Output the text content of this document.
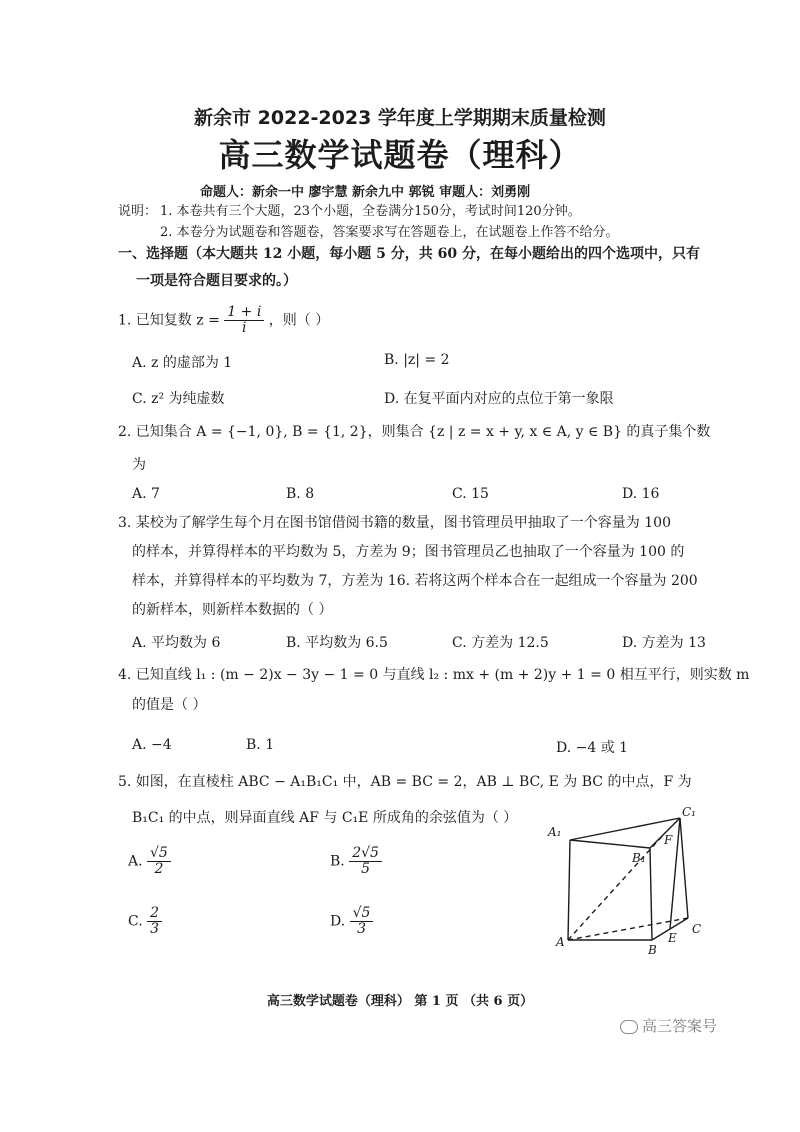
新余市 2022-2023 学年度上学期期末质量检测
高三数学试题卷（理科）
命题人：新余一中 廖宇慧 新余九中 郭锐 审题人：刘勇刚
说明： 1. 本卷共有三个大题，23个小题，全卷满分150分，考试时间120分钟。
2. 本卷分为试题卷和答题卷，答案要求写在答题卷上，在试题卷上作答不给分。
一、选择题（本大题共 12 小题，每小题 5 分，共 60 分，在每小题给出的四个选项中，只有
一项是符合题目要求的。）
1. 已知复数 $z = \frac{1 + i}{i}$ ，则（ ）
A. z 的虚部为 1	B. |z| = 2
C. z² 为纯虚数	D. 在复平面内对应的点位于第一象限
2. 已知集合 A = {−1, 0}, B = {1, 2}，则集合 {z | z = x + y, x ∈ A, y ∈ B} 的真子集个数
为
A. 7	B. 8	C. 15	D. 16
3. 某校为了解学生每个月在图书馆借阅书籍的数量，图书管理员甲抽取了一个容量为 100
的样本，并算得样本的平均数为 5，方差为 9；图书管理员乙也抽取了一个容量为 100 的
样本，并算得样本的平均数为 7，方差为 16. 若将这两个样本合在一起组成一个容量为 200
的新样本，则新样本数据的（ ）
A. 平均数为 6	B. 平均数为 6.5	C. 方差为 12.5	D. 方差为 13
4. 已知直线 l₁ : (m − 2)x − 3y − 1 = 0 与直线 l₂ : mx + (m + 2)y + 1 = 0 相互平行，则实数 m
的值是（ ）
A. −4	B. 1	D. −4 或 1
5. 如图，在直棱柱 ABC − A₁B₁C₁ 中，AB = BC = 2，AB ⊥ BC, E 为 BC 的中点，F 为
B₁C₁ 的中点，则异面直线 AF 与 C₁E 所成角的余弦值为（ ）
A. $\frac{√5}{2}$	B. $\frac{2√5}{5}$
C. $\frac{2}{3}$	D. $\frac{√5}{3}$
A₁
B₁
C₁
F
A
B
E
C
高三数学试题卷（理科） 第 1 页 （共 6 页）
高三答案号
